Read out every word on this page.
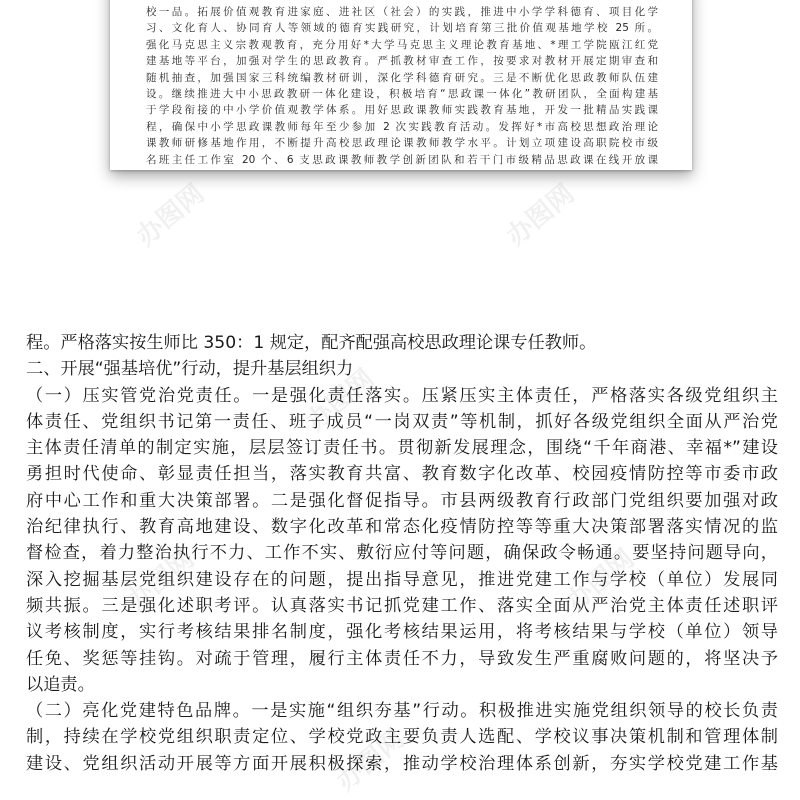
校一品。拓展价值观教育进家庭、进社区（社会）的实践，推进中小学学科德育、项目化学
习、文化育人、协同育人等领域的德育实践研究，计划培育第三批价值观基地学校 25 所。
强化马克思主义宗教观教育，充分用好*大学马克思主义理论教育基地、*理工学院瓯江红党
建基地等平台，加强对学生的思政教育。严抓教材审查工作，按要求对教材开展定期审查和
随机抽查，加强国家三科统编教材研训，深化学科德育研究。三是不断优化思政教师队伍建
设。继续推进大中小思政教研一体化建设，积极培育“思政课一体化”教研团队，全面构建基
于学段衔接的中小学价值观教学体系。用好思政课教师实践教育基地，开发一批精品实践课
程，确保中小学思政课教师每年至少参加 2 次实践教育活动。发挥好*市高校思想政治理论
课教师研修基地作用，不断提升高校思政理论课教师教学水平。计划立项建设高职院校市级
名班主任工作室 20 个、6 支思政课教师教学创新团队和若干门市级精品思政课在线开放课
办图网	办图网
办图网
办图网	办图网
办图网
程。严格落实按生师比 350：1 规定，配齐配强高校思政理论课专任教师。
二、开展“强基培优”行动，提升基层组织力
（一）压实管党治党责任。一是强化责任落实。压紧压实主体责任，严格落实各级党组织主
体责任、党组织书记第一责任、班子成员“一岗双责”等机制，抓好各级党组织全面从严治党
主体责任清单的制定实施，层层签订责任书。贯彻新发展理念，围绕“千年商港、幸福*”建设
勇担时代使命、彰显责任担当，落实教育共富、教育数字化改革、校园疫情防控等市委市政
府中心工作和重大决策部署。二是强化督促指导。市县两级教育行政部门党组织要加强对政
治纪律执行、教育高地建设、数字化改革和常态化疫情防控等等重大决策部署落实情况的监
督检查，着力整治执行不力、工作不实、敷衍应付等问题，确保政令畅通。要坚持问题导向，
深入挖掘基层党组织建设存在的问题，提出指导意见，推进党建工作与学校（单位）发展同
频共振。三是强化述职考评。认真落实书记抓党建工作、落实全面从严治党主体责任述职评
议考核制度，实行考核结果排名制度，强化考核结果运用，将考核结果与学校（单位）领导
任免、奖惩等挂钩。对疏于管理，履行主体责任不力，导致发生严重腐败问题的，将坚决予
以追责。
（二）亮化党建特色品牌。一是实施“组织夯基”行动。积极推进实施党组织领导的校长负责
制，持续在学校党组织职责定位、学校党政主要负责人选配、学校议事决策机制和管理体制
建设、党组织活动开展等方面开展积极探索，推动学校治理体系创新，夯实学校党建工作基
